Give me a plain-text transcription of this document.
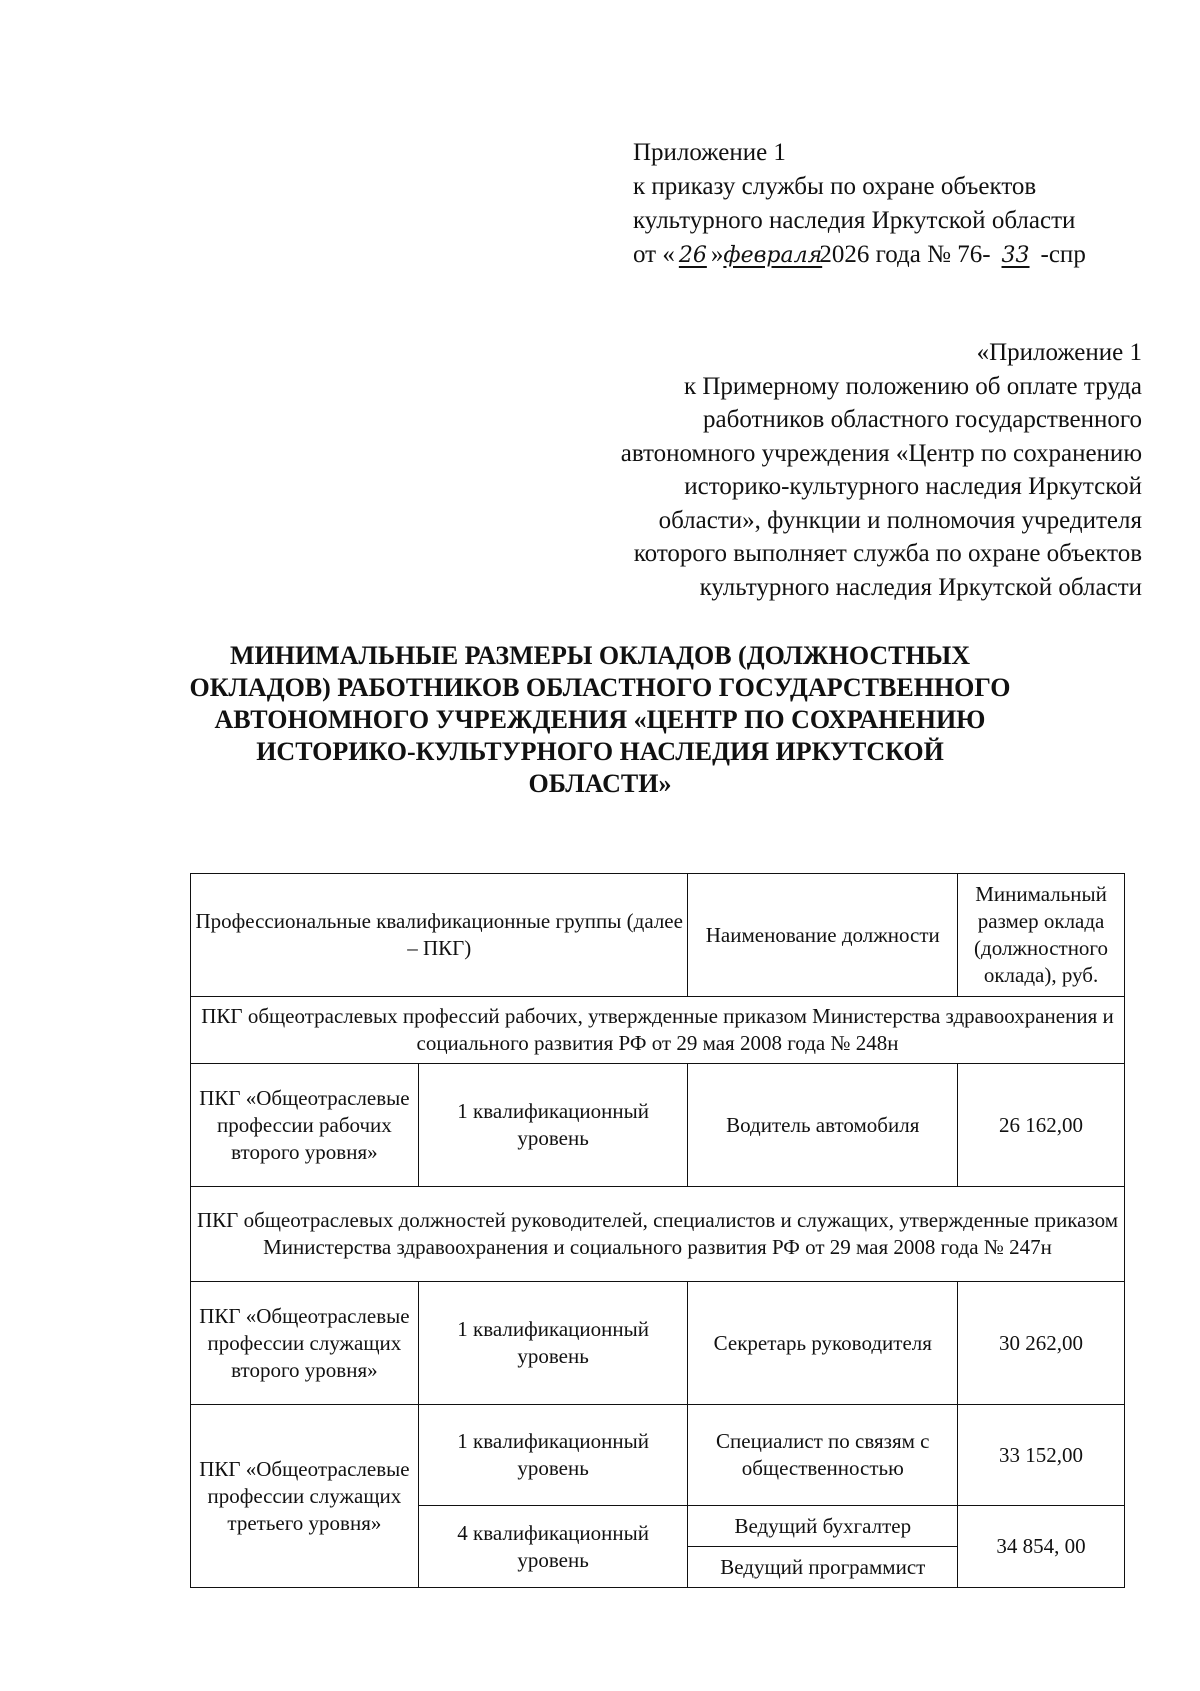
Приложение 1
к приказу службы по охране объектов
культурного наследия Иркутской области
от « 26 »февраля2026 года № 76- 33 -спр
«Приложение 1
к Примерному положению об оплате труда
работников областного государственного
автономного учреждения «Центр по сохранению
историко-культурного наследия Иркутской
области», функции и полномочия учредителя
которого выполняет служба по охране объектов
культурного наследия Иркутской области
МИНИМАЛЬНЫЕ РАЗМЕРЫ ОКЛАДОВ (ДОЛЖНОСТНЫХ
ОКЛАДОВ) РАБОТНИКОВ ОБЛАСТНОГО ГОСУДАРСТВЕННОГО
АВТОНОМНОГО УЧРЕЖДЕНИЯ «ЦЕНТР ПО СОХРАНЕНИЮ
ИСТОРИКО-КУЛЬТУРНОГО НАСЛЕДИЯ ИРКУТСКОЙ
ОБЛАСТИ»
Профессиональные квалификационные группы (далее – ПКГ)		Наименование должности	Минимальный размер оклада (должностного оклада), руб.
ПКГ общеотраслевых профессий рабочих, утвержденные приказом Министерства здравоохранения и социального развития РФ от 29 мая 2008 года № 248н			
ПКГ «Общеотраслевые профессии рабочих второго уровня»	1 квалификационный уровень	Водитель автомобиля	26 162,00
ПКГ общеотраслевых должностей руководителей, специалистов и служащих, утвержденные приказом Министерства здравоохранения и социального развития РФ от 29 мая 2008 года № 247н			
ПКГ «Общеотраслевые профессии служащих второго уровня»	1 квалификационный уровень	Секретарь руководителя	30 262,00
ПКГ «Общеотраслевые профессии служащих третьего уровня»	1 квалификационный уровень	Специалист по связям с общественностью	33 152,00
	4 квалификационный уровень	Ведущий бухгалтер	34 854, 00
		Ведущий программист	
